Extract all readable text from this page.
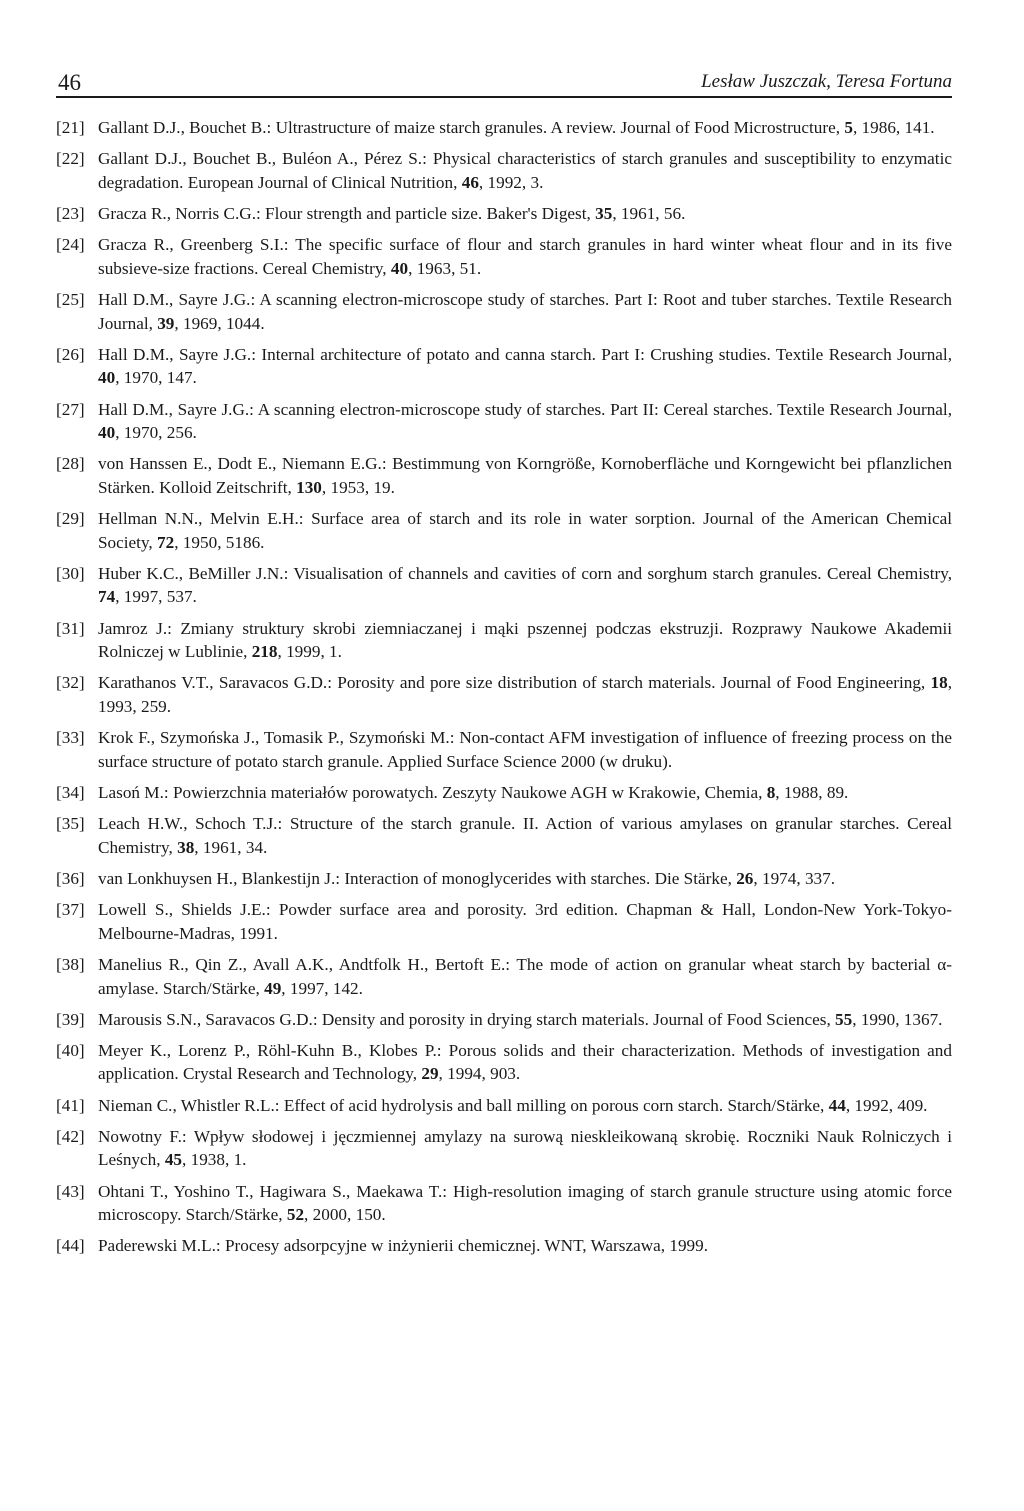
46	Lesław Juszczak, Teresa Fortuna
[21] Gallant D.J., Bouchet B.: Ultrastructure of maize starch granules. A review. Journal of Food Microstructure, 5, 1986, 141.
[22] Gallant D.J., Bouchet B., Buléon A., Pérez S.: Physical characteristics of starch granules and susceptibility to enzymatic degradation. European Journal of Clinical Nutrition, 46, 1992, 3.
[23] Gracza R., Norris C.G.: Flour strength and particle size. Baker's Digest, 35, 1961, 56.
[24] Gracza R., Greenberg S.I.: The specific surface of flour and starch granules in hard winter wheat flour and in its five subsieve-size fractions. Cereal Chemistry, 40, 1963, 51.
[25] Hall D.M., Sayre J.G.: A scanning electron-microscope study of starches. Part I: Root and tuber starches. Textile Research Journal, 39, 1969, 1044.
[26] Hall D.M., Sayre J.G.: Internal architecture of potato and canna starch. Part I: Crushing studies. Textile Research Journal, 40, 1970, 147.
[27] Hall D.M., Sayre J.G.: A scanning electron-microscope study of starches. Part II: Cereal starches. Textile Research Journal, 40, 1970, 256.
[28] von Hanssen E., Dodt E., Niemann E.G.: Bestimmung von Korngröße, Kornoberfläche und Korngewicht bei pflanzlichen Stärken. Kolloid Zeitschrift, 130, 1953, 19.
[29] Hellman N.N., Melvin E.H.: Surface area of starch and its role in water sorption. Journal of the American Chemical Society, 72, 1950, 5186.
[30] Huber K.C., BeMiller J.N.: Visualisation of channels and cavities of corn and sorghum starch granules. Cereal Chemistry, 74, 1997, 537.
[31] Jamroz J.: Zmiany struktury skrobi ziemniaczanej i mąki pszennej podczas ekstruzji. Rozprawy Naukowe Akademii Rolniczej w Lublinie, 218, 1999, 1.
[32] Karathanos V.T., Saravacos G.D.: Porosity and pore size distribution of starch materials. Journal of Food Engineering, 18, 1993, 259.
[33] Krok F., Szymońska J., Tomasik P., Szymoński M.: Non-contact AFM investigation of influence of freezing process on the surface structure of potato starch granule. Applied Surface Science 2000 (w druku).
[34] Lasoń M.: Powierzchnia materiałów porowatych. Zeszyty Naukowe AGH w Krakowie, Chemia, 8, 1988, 89.
[35] Leach H.W., Schoch T.J.: Structure of the starch granule. II. Action of various amylases on granular starches. Cereal Chemistry, 38, 1961, 34.
[36] van Lonkhuysen H., Blankestijn J.: Interaction of monoglycerides with starches. Die Stärke, 26, 1974, 337.
[37] Lowell S., Shields J.E.: Powder surface area and porosity. 3rd edition. Chapman & Hall, London-New York-Tokyo-Melbourne-Madras, 1991.
[38] Manelius R., Qin Z., Avall A.K., Andtfolk H., Bertoft E.: The mode of action on granular wheat starch by bacterial α-amylase. Starch/Stärke, 49, 1997, 142.
[39] Marousis S.N., Saravacos G.D.: Density and porosity in drying starch materials. Journal of Food Sciences, 55, 1990, 1367.
[40] Meyer K., Lorenz P., Röhl-Kuhn B., Klobes P.: Porous solids and their characterization. Methods of investigation and application. Crystal Research and Technology, 29, 1994, 903.
[41] Nieman C., Whistler R.L.: Effect of acid hydrolysis and ball milling on porous corn starch. Starch/Stärke, 44, 1992, 409.
[42] Nowotny F.: Wpływ słodowej i jęczmiennej amylazy na surową nieskleikowaną skrobię. Roczniki Nauk Rolniczych i Leśnych, 45, 1938, 1.
[43] Ohtani T., Yoshino T., Hagiwara S., Maekawa T.: High-resolution imaging of starch granule structure using atomic force microscopy. Starch/Stärke, 52, 2000, 150.
[44] Paderewski M.L.: Procesy adsorpcyjne w inżynierii chemicznej. WNT, Warszawa, 1999.
